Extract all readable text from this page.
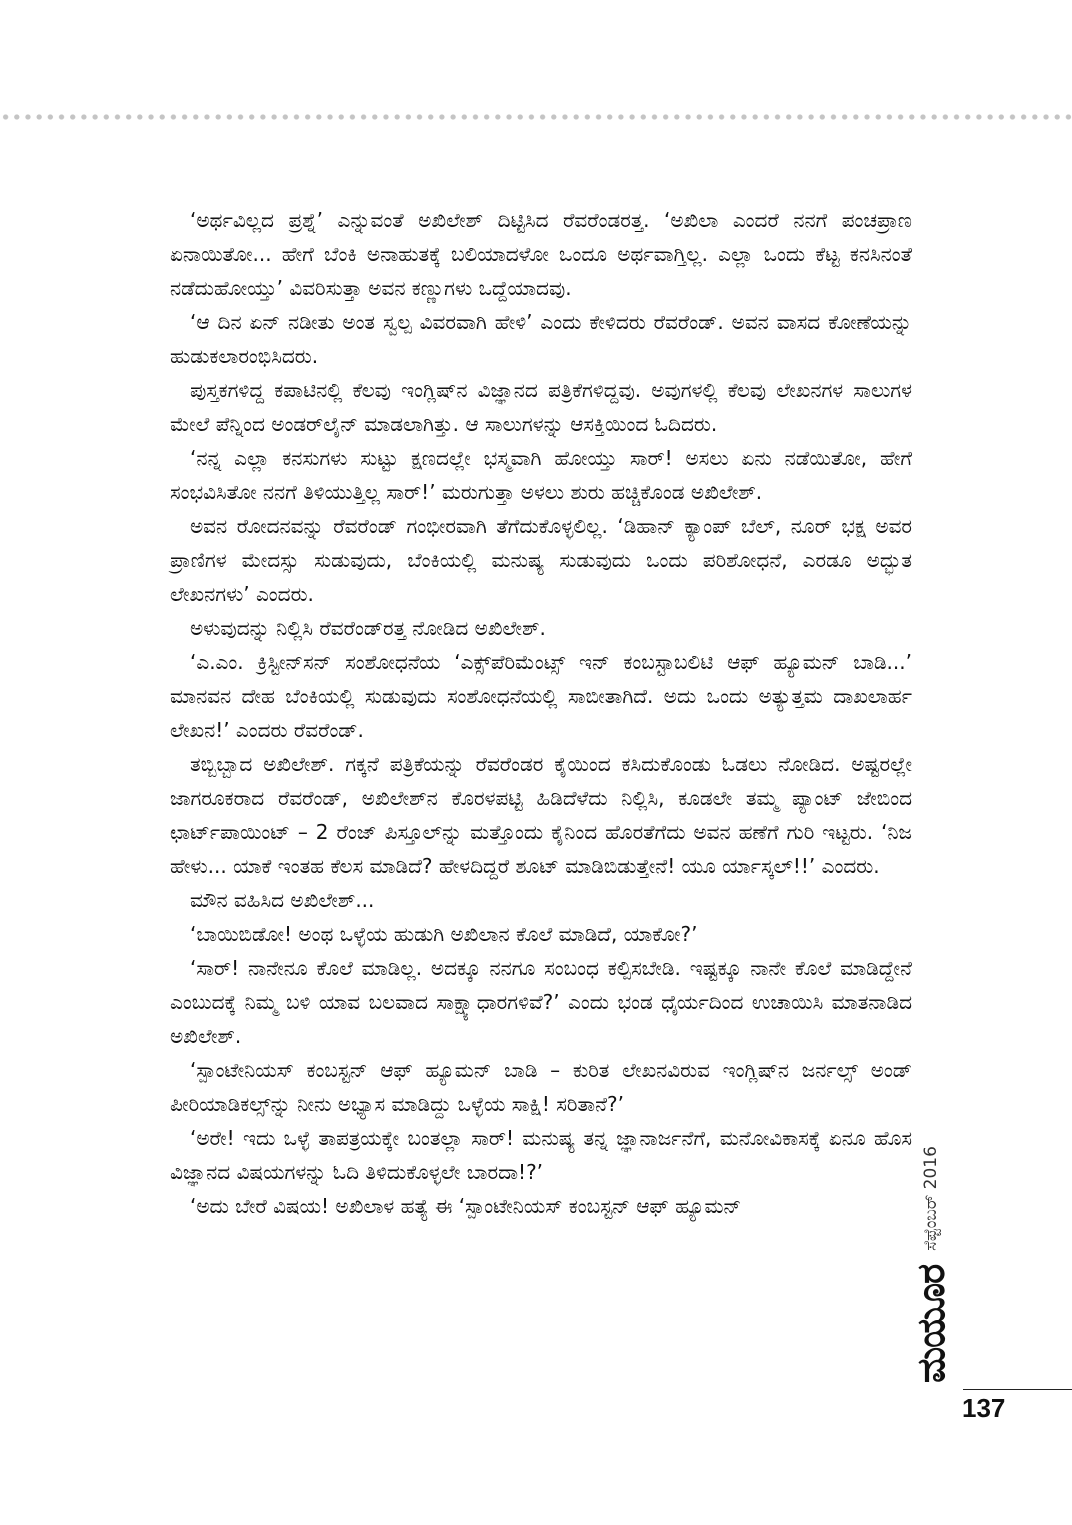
‘ಅರ್ಥವಿಲ್ಲದ ಪ್ರಶ್ನೆ’ ಎನ್ನುವಂತೆ ಅಖಿಲೇಶ್ ದಿಟ್ಟಿಸಿದ ರೆವರೆಂಡರತ್ತ. ‘ಅಖಿಲಾ ಎಂದರೆ ನನಗೆ ಪಂಚಪ್ರಾಣ ಏನಾಯಿತೋ... ಹೇಗೆ ಬೆಂಕಿ ಅನಾಹುತಕ್ಕೆ ಬಲಿಯಾದಳೋ ಒಂದೂ ಅರ್ಥವಾಗ್ತಿಲ್ಲ. ಎಲ್ಲಾ ಒಂದು ಕೆಟ್ಟ ಕನಸಿನಂತೆ ನಡೆದುಹೋಯ್ತು’ ವಿವರಿಸುತ್ತಾ ಅವನ ಕಣ್ಣುಗಳು ಒದ್ದೆಯಾದವು.

‘ಆ ದಿನ ಏನ್ ನಡೀತು ಅಂತ ಸ್ವಲ್ಪ ವಿವರವಾಗಿ ಹೇಳಿ’ ಎಂದು ಕೇಳಿದರು ರೆವರೆಂಡ್. ಅವನ ವಾಸದ ಕೋಣೆಯನ್ನು ಹುಡುಕಲಾರಂಭಿಸಿದರು.

ಪುಸ್ತಕಗಳಿದ್ದ ಕಪಾಟಿನಲ್ಲಿ ಕೆಲವು ಇಂಗ್ಲಿಷ್‌ನ ವಿಜ್ಞಾನದ ಪತ್ರಿಕೆಗಳಿದ್ದವು. ಅವುಗಳಲ್ಲಿ ಕೆಲವು ಲೇಖನಗಳ ಸಾಲುಗಳ ಮೇಲೆ ಪೆನ್ನಿಂದ ಅಂಡರ್‌ಲೈನ್ ಮಾಡಲಾಗಿತ್ತು. ಆ ಸಾಲುಗಳನ್ನು ಆಸಕ್ತಿಯಿಂದ ಓದಿದರು.

‘ನನ್ನ ಎಲ್ಲಾ ಕನಸುಗಳು ಸುಟ್ಟು ಕ್ಷಣದಲ್ಲೇ ಭಸ್ಮವಾಗಿ ಹೋಯ್ತು ಸಾರ್! ಅಸಲು ಏನು ನಡೆಯಿತೋ, ಹೇಗೆ ಸಂಭವಿಸಿತೋ ನನಗೆ ತಿಳಿಯುತ್ತಿಲ್ಲ ಸಾರ್!’ ಮರುಗುತ್ತಾ ಅಳಲು ಶುರು ಹಚ್ಚಿಕೊಂಡ ಅಖಿಲೇಶ್.

ಅವನ ರೋದನವನ್ನು ರೆವರೆಂಡ್ ಗಂಭೀರವಾಗಿ ತೆಗೆದುಕೊಳ್ಳಲಿಲ್ಲ. ‘ಡಿಹಾನ್ ಕ್ಯಾಂಪ್ ಬೆಲ್, ನೂರ್ ಭಕ್ಷ ಅವರ ಪ್ರಾಣಿಗಳ ಮೇದಸ್ಸು ಸುಡುವುದು, ಬೆಂಕಿಯಲ್ಲಿ ಮನುಷ್ಯ ಸುಡುವುದು ಒಂದು ಪರಿಶೋಧನೆ, ಎರಡೂ ಅದ್ಭುತ ಲೇಖನಗಳು’ ಎಂದರು.

ಅಳುವುದನ್ನು ನಿಲ್ಲಿಸಿ ರೆವರೆಂಡ್‌ರತ್ತ ನೋಡಿದ ಅಖಿಲೇಶ್.

‘ಎ.ಎಂ. ಕ್ರಿಸ್ಟೀನ್‌ಸನ್ ಸಂಶೋಧನೆಯ ‘ಎಕ್ಸ್‌ಪೆರಿಮೆಂಟ್ಸ್ ಇನ್ ಕಂಬಸ್ಟಾಬಲಿಟಿ ಆಫ್ ಹ್ಯೂಮನ್ ಬಾಡಿ...’ ಮಾನವನ ದೇಹ ಬೆಂಕಿಯಲ್ಲಿ ಸುಡುವುದು ಸಂಶೋಧನೆಯಲ್ಲಿ ಸಾಬೀತಾಗಿದೆ. ಅದು ಒಂದು ಅತ್ಯುತ್ತಮ ದಾಖಲಾರ್ಹ ಲೇಖನ!’ ಎಂದರು ರೆವರೆಂಡ್.

ತಬ್ಬಿಬ್ಬಾದ ಅಖಿಲೇಶ್. ಗಕ್ಕನೆ ಪತ್ರಿಕೆಯನ್ನು ರೆವರೆಂಡರ ಕೈಯಿಂದ ಕಸಿದುಕೊಂಡು ಓಡಲು ನೋಡಿದ. ಅಷ್ಟರಲ್ಲೇ ಜಾಗರೂಕರಾದ ರೆವರೆಂಡ್, ಅಖಿಲೇಶ್‌ನ ಕೊರಳಪಟ್ಟಿ ಹಿಡಿದೆಳೆದು ನಿಲ್ಲಿಸಿ, ಕೂಡಲೇ ತಮ್ಮ ಪ್ಯಾಂಟ್ ಜೇಬಿಂದ ಛಾರ್ಟ್‌ಪಾಯಿಂಟ್ – 2 ರೆಂಜ್ ಪಿಸ್ತೂಲ್‌ನ್ನು ಮತ್ತೊಂದು ಕೈನಿಂದ ಹೊರತೆಗೆದು ಅವನ ಹಣೆಗೆ ಗುರಿ ಇಟ್ಟರು. ‘ನಿಜ ಹೇಳು... ಯಾಕೆ ಇಂತಹ ಕೆಲಸ ಮಾಡಿದೆ? ಹೇಳದಿದ್ದರೆ ಶೂಟ್ ಮಾಡಿಬಿಡುತ್ತೇನೆ! ಯೂ ರ್ಯಾಸ್ಕಲ್!!’ ಎಂದರು.

ಮೌನ ವಹಿಸಿದ ಅಖಿಲೇಶ್...

‘ಬಾಯಿಬಿಡೋ! ಅಂಥ ಒಳ್ಳೆಯ ಹುಡುಗಿ ಅಖಿಲಾನ ಕೊಲೆ ಮಾಡಿದೆ, ಯಾಕೋ?’

‘ಸಾರ್! ನಾನೇನೂ ಕೊಲೆ ಮಾಡಿಲ್ಲ. ಅದಕ್ಕೂ ನನಗೂ ಸಂಬಂಧ ಕಲ್ಪಿಸಬೇಡಿ. ಇಷ್ಟಕ್ಕೂ ನಾನೇ ಕೊಲೆ ಮಾಡಿದ್ದೇನೆ ಎಂಬುದಕ್ಕೆ ನಿಮ್ಮ ಬಳಿ ಯಾವ ಬಲವಾದ ಸಾಕ್ಷ್ಯಾಧಾರಗಳಿವೆ?’ ಎಂದು ಭಂಡ ಧೈರ್ಯದಿಂದ ಉಚಾಯಿಸಿ ಮಾತನಾಡಿದ ಅಖಿಲೇಶ್.

‘ಸ್ಪಾಂಟೇನಿಯಸ್ ಕಂಬಸ್ಟನ್ ಆಫ್ ಹ್ಯೂಮನ್ ಬಾಡಿ – ಕುರಿತ ಲೇಖನವಿರುವ ಇಂಗ್ಲಿಷ್‌ನ ಜರ್ನಲ್ಸ್ ಅಂಡ್ ಪೀರಿಯಾಡಿಕಲ್ಸ್‌ನ್ನು ನೀನು ಅಭ್ಯಾಸ ಮಾಡಿದ್ದು ಒಳ್ಳೆಯ ಸಾಕ್ಷಿ! ಸರಿತಾನೆ?’

‘ಅರೇ! ಇದು ಒಳ್ಳೆ ತಾಪತ್ರಯಕ್ಕೇ ಬಂತಲ್ಲಾ ಸಾರ್! ಮನುಷ್ಯ ತನ್ನ ಜ್ಞಾನಾರ್ಜನೆಗೆ, ಮನೋವಿಕಾಸಕ್ಕೆ ಏನೂ ಹೊಸ ವಿಜ್ಞಾನದ ವಿಷಯಗಳನ್ನು ಓದಿ ತಿಳಿದುಕೊಳ್ಳಲೇ ಬಾರದಾ!?’

‘ಅದು ಬೇರೆ ವಿಷಯ! ಅಖಿಲಾಳ ಹತ್ಯೆ ಈ ‘ಸ್ಪಾಂಟೇನಿಯಸ್ ಕಂಬಸ್ಟನ್ ಆಫ್ ಹ್ಯೂಮನ್

ಮಯೂರ
ಸೆಪ್ಟೆಂಬರ್ 2016
137
